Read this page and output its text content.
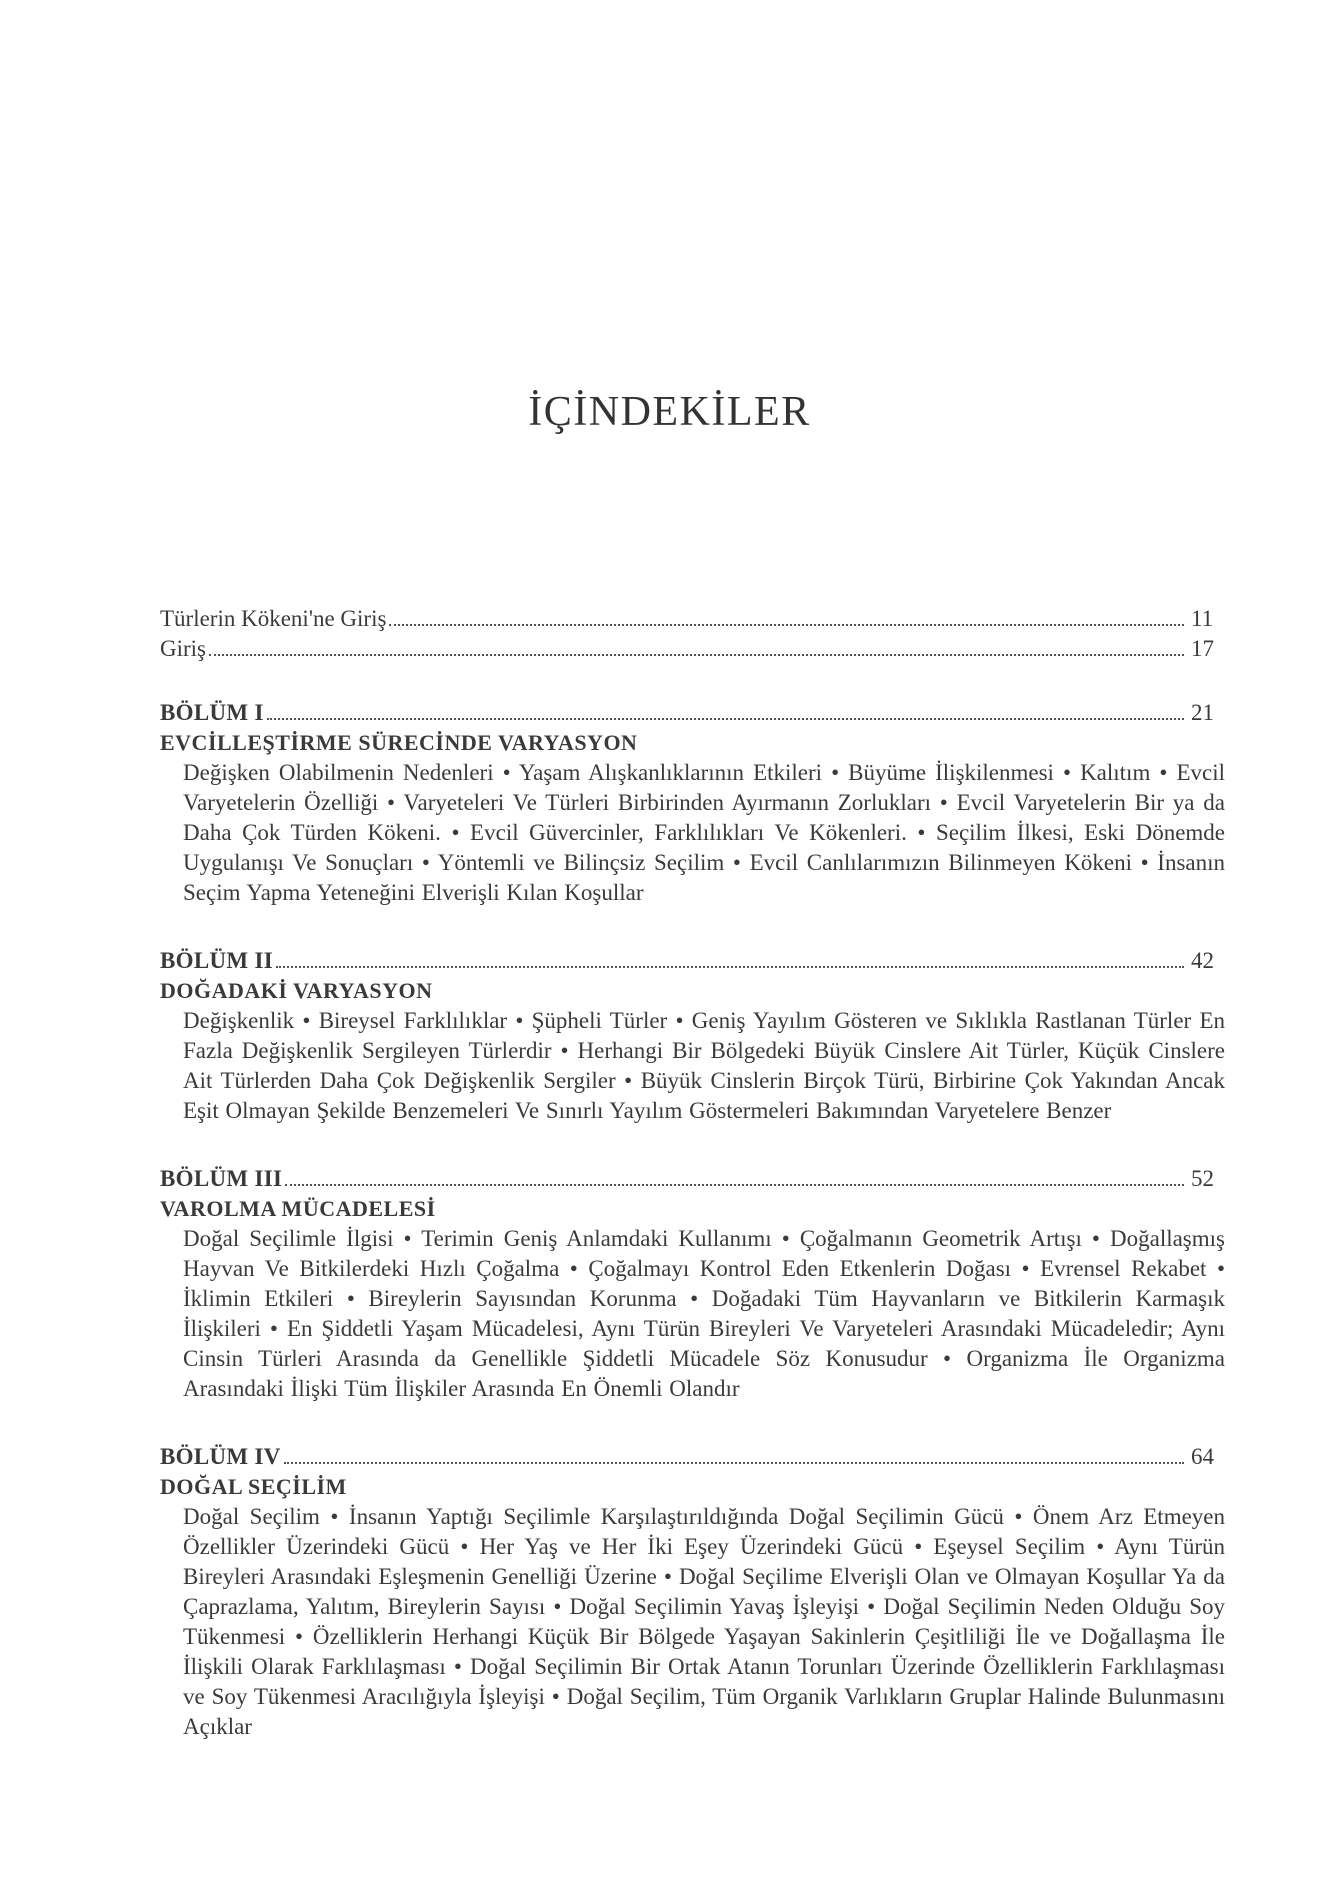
İÇİNDEKİLER
Türlerin Kökeni'ne Giriş	11
Giriş	17
BÖLÜM I	21
EVCİLLEŞTİRME SÜRECİNDE VARYASYON

Değişken Olabilmenin Nedenleri • Yaşam Alışkanlıklarının Etkileri • Büyüme İlişkilenmesi • Kalıtım • Evcil Varyetelerin Özelliği • Varyeteleri Ve Türleri Birbirinden Ayırmanın Zorlukları • Evcil Varyetelerin Bir ya da Daha Çok Türden Kökeni. • Evcil Güvercinler, Farklılıkları Ve Kökenleri. • Seçilim İlkesi, Eski Dönemde Uygulanışı Ve Sonuçları • Yöntemli ve Bilinçsiz Seçilim • Evcil Canlılarımızın Bilinmeyen Kökeni • İnsanın Seçim Yapma Yeteneğini Elverişli Kılan Koşullar

BÖLÜM II	42
DOĞADAKİ VARYASYON

Değişkenlik • Bireysel Farklılıklar • Şüpheli Türler • Geniş Yayılım Gösteren ve Sıklıkla Rastlanan Türler En Fazla Değişkenlik Sergileyen Türlerdir • Herhangi Bir Bölgedeki Büyük Cinslere Ait Türler, Küçük Cinslere Ait Türlerden Daha Çok Değişkenlik Sergiler • Büyük Cinslerin Birçok Türü, Birbirine Çok Yakından Ancak Eşit Olmayan Şekilde Benzemeleri Ve Sınırlı Yayılım Göstermeleri Bakımından Varyetelere Benzer

BÖLÜM III	52
VAROLMA MÜCADELESİ

Doğal Seçilimle İlgisi • Terimin Geniş Anlamdaki Kullanımı • Çoğalmanın Geometrik Artışı • Doğallaşmış Hayvan Ve Bitkilerdeki Hızlı Çoğalma • Çoğalmayı Kontrol Eden Etkenlerin Doğası • Evrensel Rekabet • İklimin Etkileri • Bireylerin Sayısından Korunma • Doğadaki Tüm Hayvanların ve Bitkilerin Karmaşık İlişkileri • En Şiddetli Yaşam Mücadelesi, Aynı Türün Bireyleri Ve Varyeteleri Arasındaki Mücadeledir; Aynı Cinsin Türleri Arasında da Genellikle Şiddetli Mücadele Söz Konusudur • Organizma İle Organizma Arasındaki İlişki Tüm İlişkiler Arasında En Önemli Olandır

BÖLÜM IV	64
DOĞAL SEÇİLİM

Doğal Seçilim • İnsanın Yaptığı Seçilimle Karşılaştırıldığında Doğal Seçilimin Gücü • Önem Arz Etmeyen Özellikler Üzerindeki Gücü • Her Yaş ve Her İki Eşey Üzerindeki Gücü • Eşeysel Seçilim • Aynı Türün Bireyleri Arasındaki Eşleşmenin Genelliği Üzerine • Doğal Seçilime Elverişli Olan ve Olmayan Koşullar Ya da Çaprazlama, Yalıtım, Bireylerin Sayısı • Doğal Seçilimin Yavaş İşleyişi • Doğal Seçilimin Neden Olduğu Soy Tükenmesi • Özelliklerin Herhangi Küçük Bir Bölgede Yaşayan Sakinlerin Çeşitliliği İle ve Doğallaşma İle İlişkili Olarak Farklılaşması • Doğal Seçilimin Bir Ortak Atanın Torunları Üzerinde Özelliklerin Farklılaşması ve Soy Tükenmesi Aracılığıyla İşleyişi • Doğal Seçilim, Tüm Organik Varlıkların Gruplar Halinde Bulunmasını Açıklar
